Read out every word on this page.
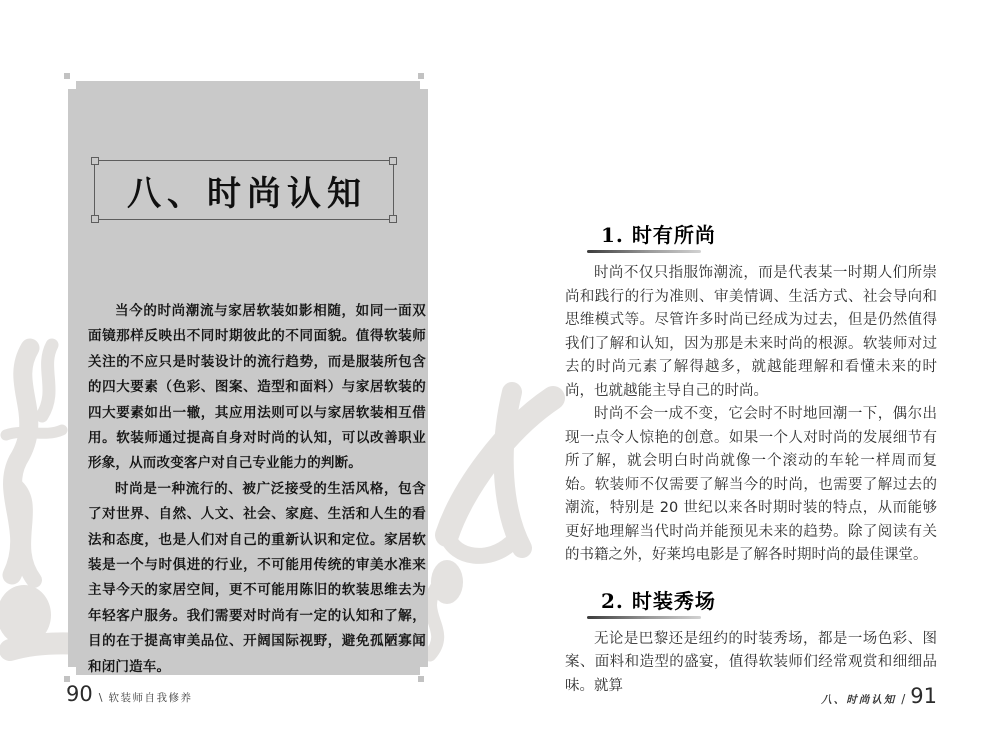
八、时尚认知

当今的时尚潮流与家居软装如影相随，如同一面双面镜那样反映出不同时期彼此的不同面貌。值得软装师关注的不应只是时装设计的流行趋势，而是服装所包含的四大要素（色彩、图案、造型和面料）与家居软装的四大要素如出一辙，其应用法则可以与家居软装相互借用。软装师通过提高自身对时尚的认知，可以改善职业形象，从而改变客户对自己专业能力的判断。

时尚是一种流行的、被广泛接受的生活风格，包含了对世界、自然、人文、社会、家庭、生活和人生的看法和态度，也是人们对自己的重新认识和定位。家居软装是一个与时俱进的行业，不可能用传统的审美水准来主导今天的家居空间，更不可能用陈旧的软装思维去为年轻客户服务。我们需要对时尚有一定的认知和了解，目的在于提高审美品位、开阔国际视野，避免孤陋寡闻和闭门造车。

90 \ 软装师自我修养
1. 时有所尚

时尚不仅只指服饰潮流，而是代表某一时期人们所崇尚和践行的行为准则、审美情调、生活方式、社会导向和思维模式等。尽管许多时尚已经成为过去，但是仍然值得我们了解和认知，因为那是未来时尚的根源。软装师对过去的时尚元素了解得越多，就越能理解和看懂未来的时尚，也就越能主导自己的时尚。

时尚不会一成不变，它会时不时地回潮一下，偶尔出现一点令人惊艳的创意。如果一个人对时尚的发展细节有所了解，就会明白时尚就像一个滚动的车轮一样周而复始。软装师不仅需要了解当今的时尚，也需要了解过去的潮流，特别是 20 世纪以来各时期时装的特点，从而能够更好地理解当代时尚并能预见未来的趋势。除了阅读有关的书籍之外，好莱坞电影是了解各时期时尚的最佳课堂。

2. 时装秀场

无论是巴黎还是纽约的时装秀场，都是一场色彩、图案、面料和造型的盛宴，值得软装师们经常观赏和细细品味。就算

八、时尚认知 / 91
